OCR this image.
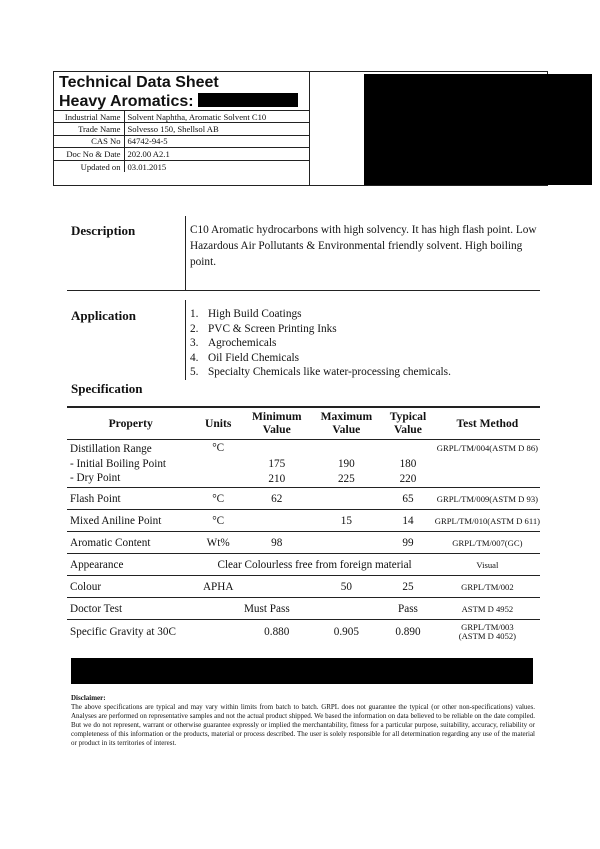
Technical Data Sheet
Heavy Aromatics:
Industrial Name	Solvent Naphtha, Aromatic Solvent C10
Trade Name	Solvesso 150, Shellsol AB
CAS No	64742-94-5
Doc No & Date	202.00 A2.1
Updated on	03.01.2015
Description	C10 Aromatic hydrocarbons with high solvency. It has high flash point. Low Hazardous Air Pollutants & Environmental friendly solvent. High boiling point.
Application	1. High Build Coatings
2. PVC & Screen Printing Inks
3. Agrochemicals
4. Oil Field Chemicals
5. Specialty Chemicals like water-processing chemicals.
Specification
Property	Units	Minimum Value	Maximum Value	Typical Value	Test Method
Distillation Range	°C				GRPL/TM/004(ASTM D 86)
- Initial Boiling Point		175	190	180	
- Dry Point		210	225	220	
Flash Point	°C	62		65	GRPL/TM/009(ASTM D 93)
Mixed Aniline Point	°C		15	14	GRPL/TM/010(ASTM D 611)
Aromatic Content	Wt%	98		99	GRPL/TM/007(GC)
Appearance	Clear Colourless free from foreign material				Visual
Colour	APHA		50	25	GRPL/TM/002
Doctor Test		Must Pass		Pass	ASTM D 4952
Specific Gravity at 30C		0.880	0.905	0.890	GRPL/TM/003
(ASTM D 4052)
Disclaimer:
The above specifications are typical and may vary within limits from batch to batch. GRPL does not guarantee the typical (or other non-specifications) values. Analyses are performed on representative samples and not the actual product shipped. We based the information on data believed to be reliable on the date compiled. But we do not represent, warrant or otherwise guarantee expressly or implied the merchantability, fitness for a particular purpose, suitability, accuracy, reliability or completeness of this information or the products, material or process described. The user is solely responsible for all determination regarding any use of the material or product in its territories of interest.
